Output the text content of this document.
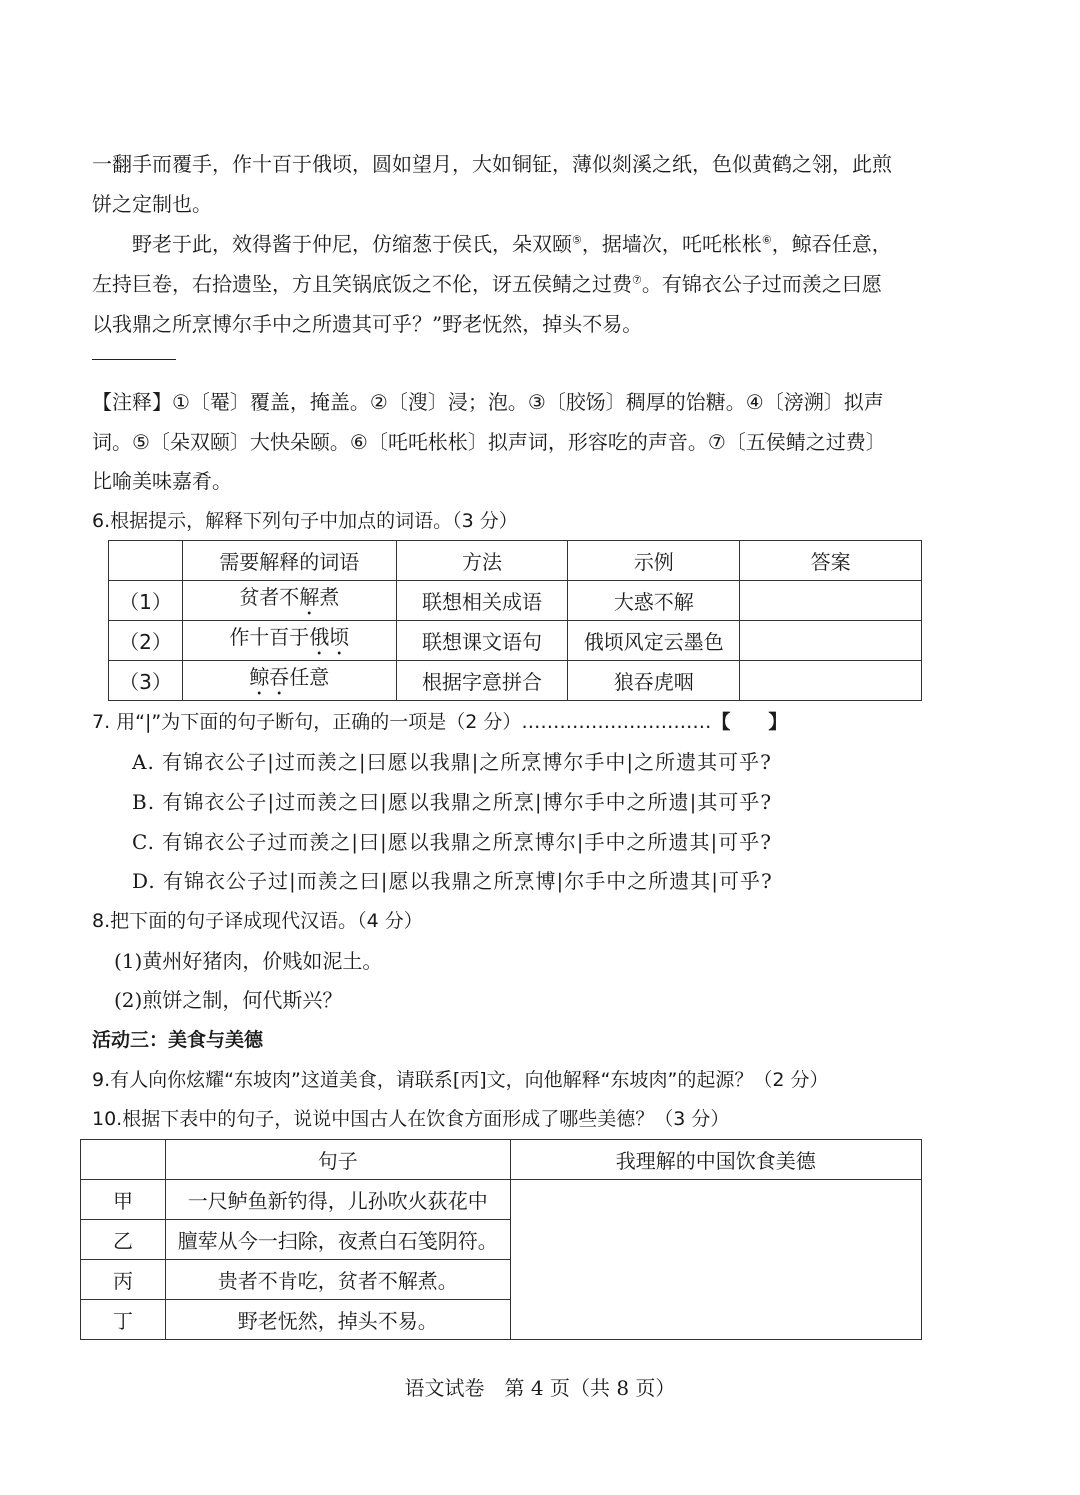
一翻手而覆手，作十百于俄顷，圆如望月，大如铜钲，薄似剡溪之纸，色似黄鹤之翎，此煎
饼之定制也。
野老于此，效得酱于仲尼，仿缩葱于侯氏，朵双颐⑤，据墙次，吒吒枨枨⑥，鲸吞任意，
左持巨卷，右拾遗坠，方且笑锅底饭之不伦，讶五侯鲭之过费⑦。有锦衣公子过而羡之曰愿
以我鼎之所烹博尔手中之所遗其可乎？”野老怃然，掉头不易。
【注释】①〔罨〕覆盖，掩盖。②〔溲〕浸；泡。③〔胶饧〕稠厚的饴糖。④〔滂溯〕拟声
词。⑤〔朵双颐〕大快朵颐。⑥〔吒吒枨枨〕拟声词，形容吃的声音。⑦〔五侯鲭之过费〕
比喻美味嘉肴。
6.根据提示，解释下列句子中加点的词语。（3 分）
	需要解释的词语	方法	示例	答案
（1）	贫者不解煮	联想相关成语	大惑不解	
（2）	作十百于俄顷	联想课文语句	俄顷风定云墨色	
（3）	鲸吞任意	根据字意拼合	狼吞虎咽	
7. 用“|”为下面的句子断句，正确的一项是（2 分）…………………………【　　】
A. 有锦衣公子|过而羡之|曰愿以我鼎|之所烹博尔手中|之所遗其可乎?
B. 有锦衣公子|过而羡之曰|愿以我鼎之所烹|博尔手中之所遗|其可乎?
C. 有锦衣公子过而羡之|曰|愿以我鼎之所烹博尔|手中之所遗其|可乎?
D. 有锦衣公子过|而羡之曰|愿以我鼎之所烹博|尔手中之所遗其|可乎?
8.把下面的句子译成现代汉语。（4 分）
(1)黄州好猪肉，价贱如泥土。
(2)煎饼之制，何代斯兴？
活动三：美食与美德
9.有人向你炫耀“东坡肉”这道美食，请联系[丙]文，向他解释“东坡肉”的起源？（2 分）
10.根据下表中的句子，说说中国古人在饮食方面形成了哪些美德？（3 分）
	句子	我理解的中国饮食美德
甲	一尺鲈鱼新钓得，儿孙吹火荻花中	
乙	膻荤从今一扫除，夜煮白石笺阴符。	
丙	贵者不肯吃，贫者不解煮。	
丁	野老怃然，掉头不易。	
语文试卷　第 4 页（共 8 页）
